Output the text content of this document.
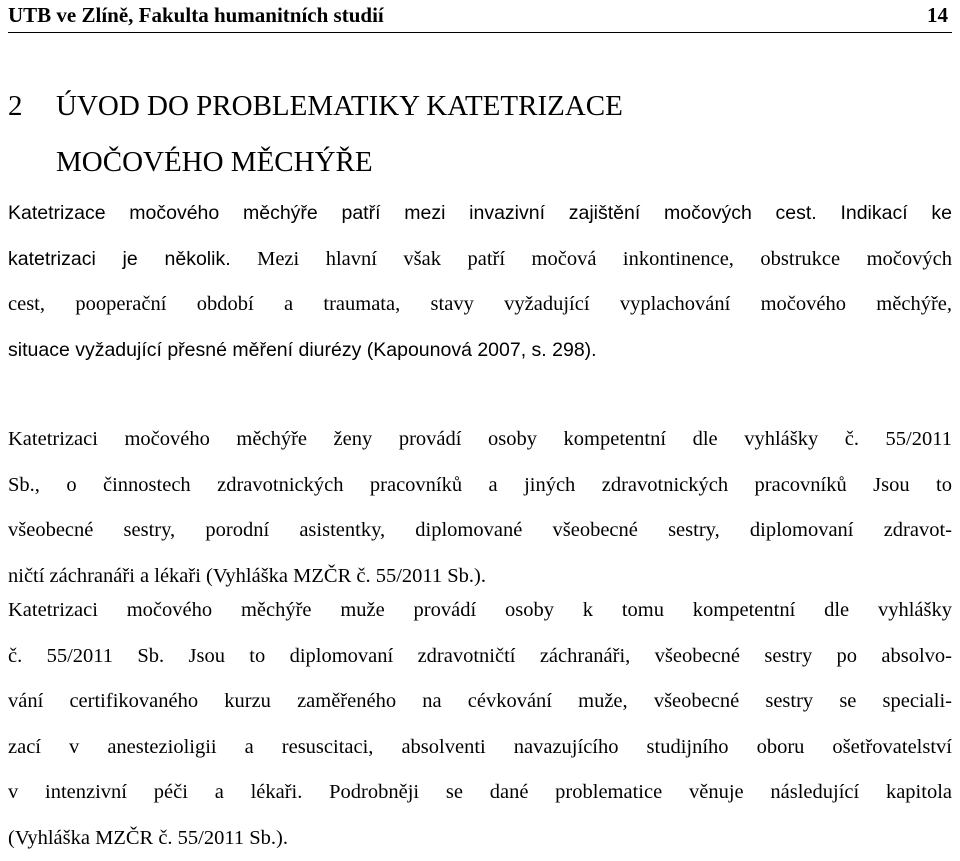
UTB ve Zlíně, Fakulta humanitních studií	14
2 ÚVOD DO PROBLEMATIKY KATETRIZACE MOČOVÉHO MĚCHÝŘE

Katetrizace močového měchýře patří mezi invazivní zajištění močových cest. Indikací ke
katetrizaci je několik. Mezi hlavní však patří močová inkontinence, obstrukce močových
cest, pooperační období a traumata, stavy vyžadující vyplachování močového měchýře,
situace vyžadující přesné měření diurézy (Kapounová 2007, s. 298).

Katetrizaci močového měchýře ženy provádí osoby kompetentní dle vyhlášky č. 55/2011
Sb., o činnostech zdravotnických pracovníků a jiných zdravotnických pracovníků Jsou to
všeobecné sestry, porodní asistentky, diplomované všeobecné sestry, diplomovaní zdravot-
ničtí záchranáři a lékaři (Vyhláška MZČR č. 55/2011 Sb.).

Katetrizaci močového měchýře muže provádí osoby k tomu kompetentní dle vyhlášky
č. 55/2011 Sb. Jsou to diplomovaní zdravotničtí záchranáři, všeobecné sestry po absolvo-
vání certifikovaného kurzu zaměřeného na cévkování muže, všeobecné sestry se speciali-
zací v anestezioligii a resuscitaci, absolventi navazujícího studijního oboru ošetřovatelství
v intenzivní péči a lékaři. Podrobněji se dané problematice věnuje následující kapitola
(Vyhláška MZČR č. 55/2011 Sb.).
